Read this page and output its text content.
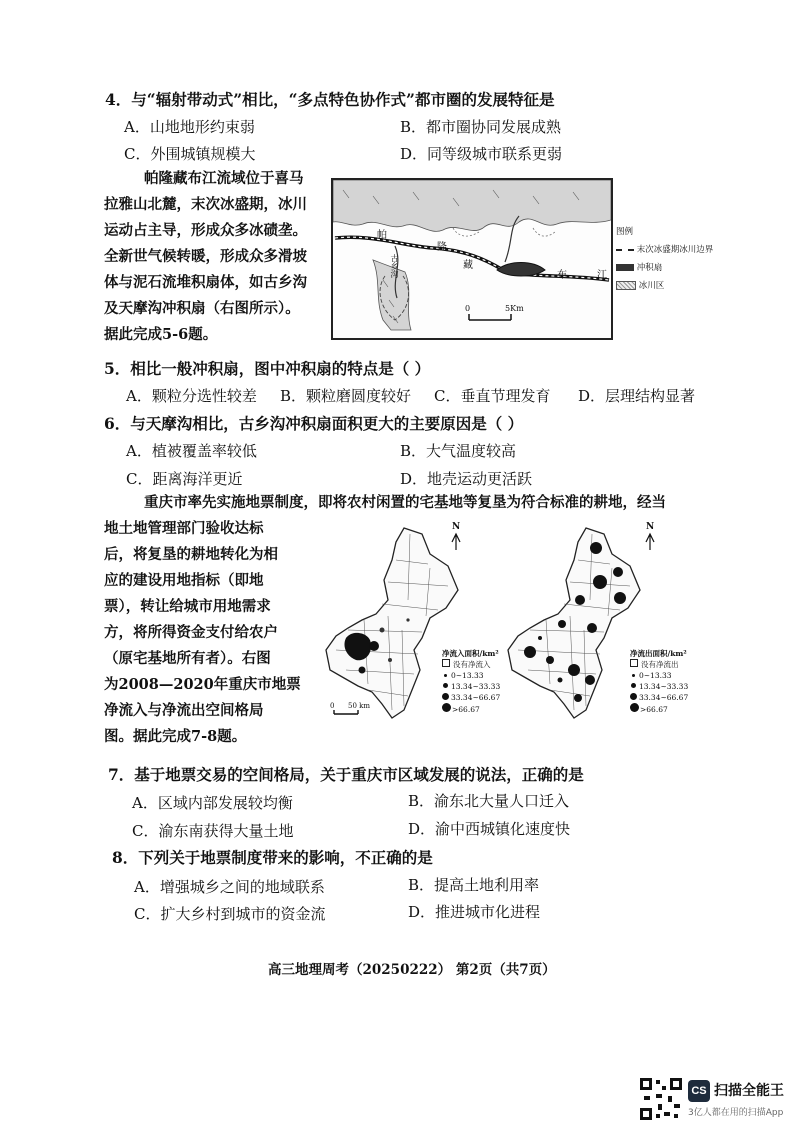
4．与“辐射带动式”相比，“多点特色协作式”都市圈的发展特征是
A．山地地形约束弱	B．都市圈协同发展成熟
C．外围城镇规模大	D．同等级城市联系更弱
帕隆藏布江流域位于喜马
拉雅山北麓，末次冰盛期，冰川
运动占主导，形成众多冰碛垄。
全新世气候转暖，形成众多滑坡
体与泥石流堆积扇体，如古乡沟
及天摩沟冲积扇（右图所示）。
据此完成5-6题。
帕
隆
藏
布	江
古乡沟
0	5Km
图例
末次冰盛期冰川边界
冲积扇
冰川区
5．相比一般冲积扇，图中冲积扇的特点是（ ）
A．颗粒分选性较差 B．颗粒磨圆度较好 C．垂直节理发育 D．层理结构显著
6．与天摩沟相比，古乡沟冲积扇面积更大的主要原因是（ ）
A．植被覆盖率较低	B．大气温度较高
C．距离海洋更近	D．地壳运动更活跃
重庆市率先实施地票制度，即将农村闲置的宅基地等复垦为符合标准的耕地，经当
地土地管理部门验收达标
后，将复垦的耕地转化为相
应的建设用地指标（即地
票），转让给城市用地需求
方，将所得资金支付给农户
（原宅基地所有者）。右图
为2008—2020年重庆市地票
净流入与净流出空间格局
图。据此完成7-8题。
N
0 50 km
净流入面积/km²
没有净流入
0~13.33
13.34~33.33
33.34~66.67
>66.67
N
净流出面积/km²
没有净流出
0~13.33
13.34~33.33
33.34~66.67
>66.67
7．基于地票交易的空间格局，关于重庆市区域发展的说法，正确的是
A．区域内部发展较均衡	B．渝东北大量人口迁入
C．渝东南获得大量土地	D．渝中西城镇化速度快
8．下列关于地票制度带来的影响，不正确的是
A．增强城乡之间的地域联系	B．提高土地利用率
C．扩大乡村到城市的资金流	D．推进城市化进程
高三地理周考（20250222） 第2页（共7页）
CS 扫描全能王
3亿人都在用的扫描App
